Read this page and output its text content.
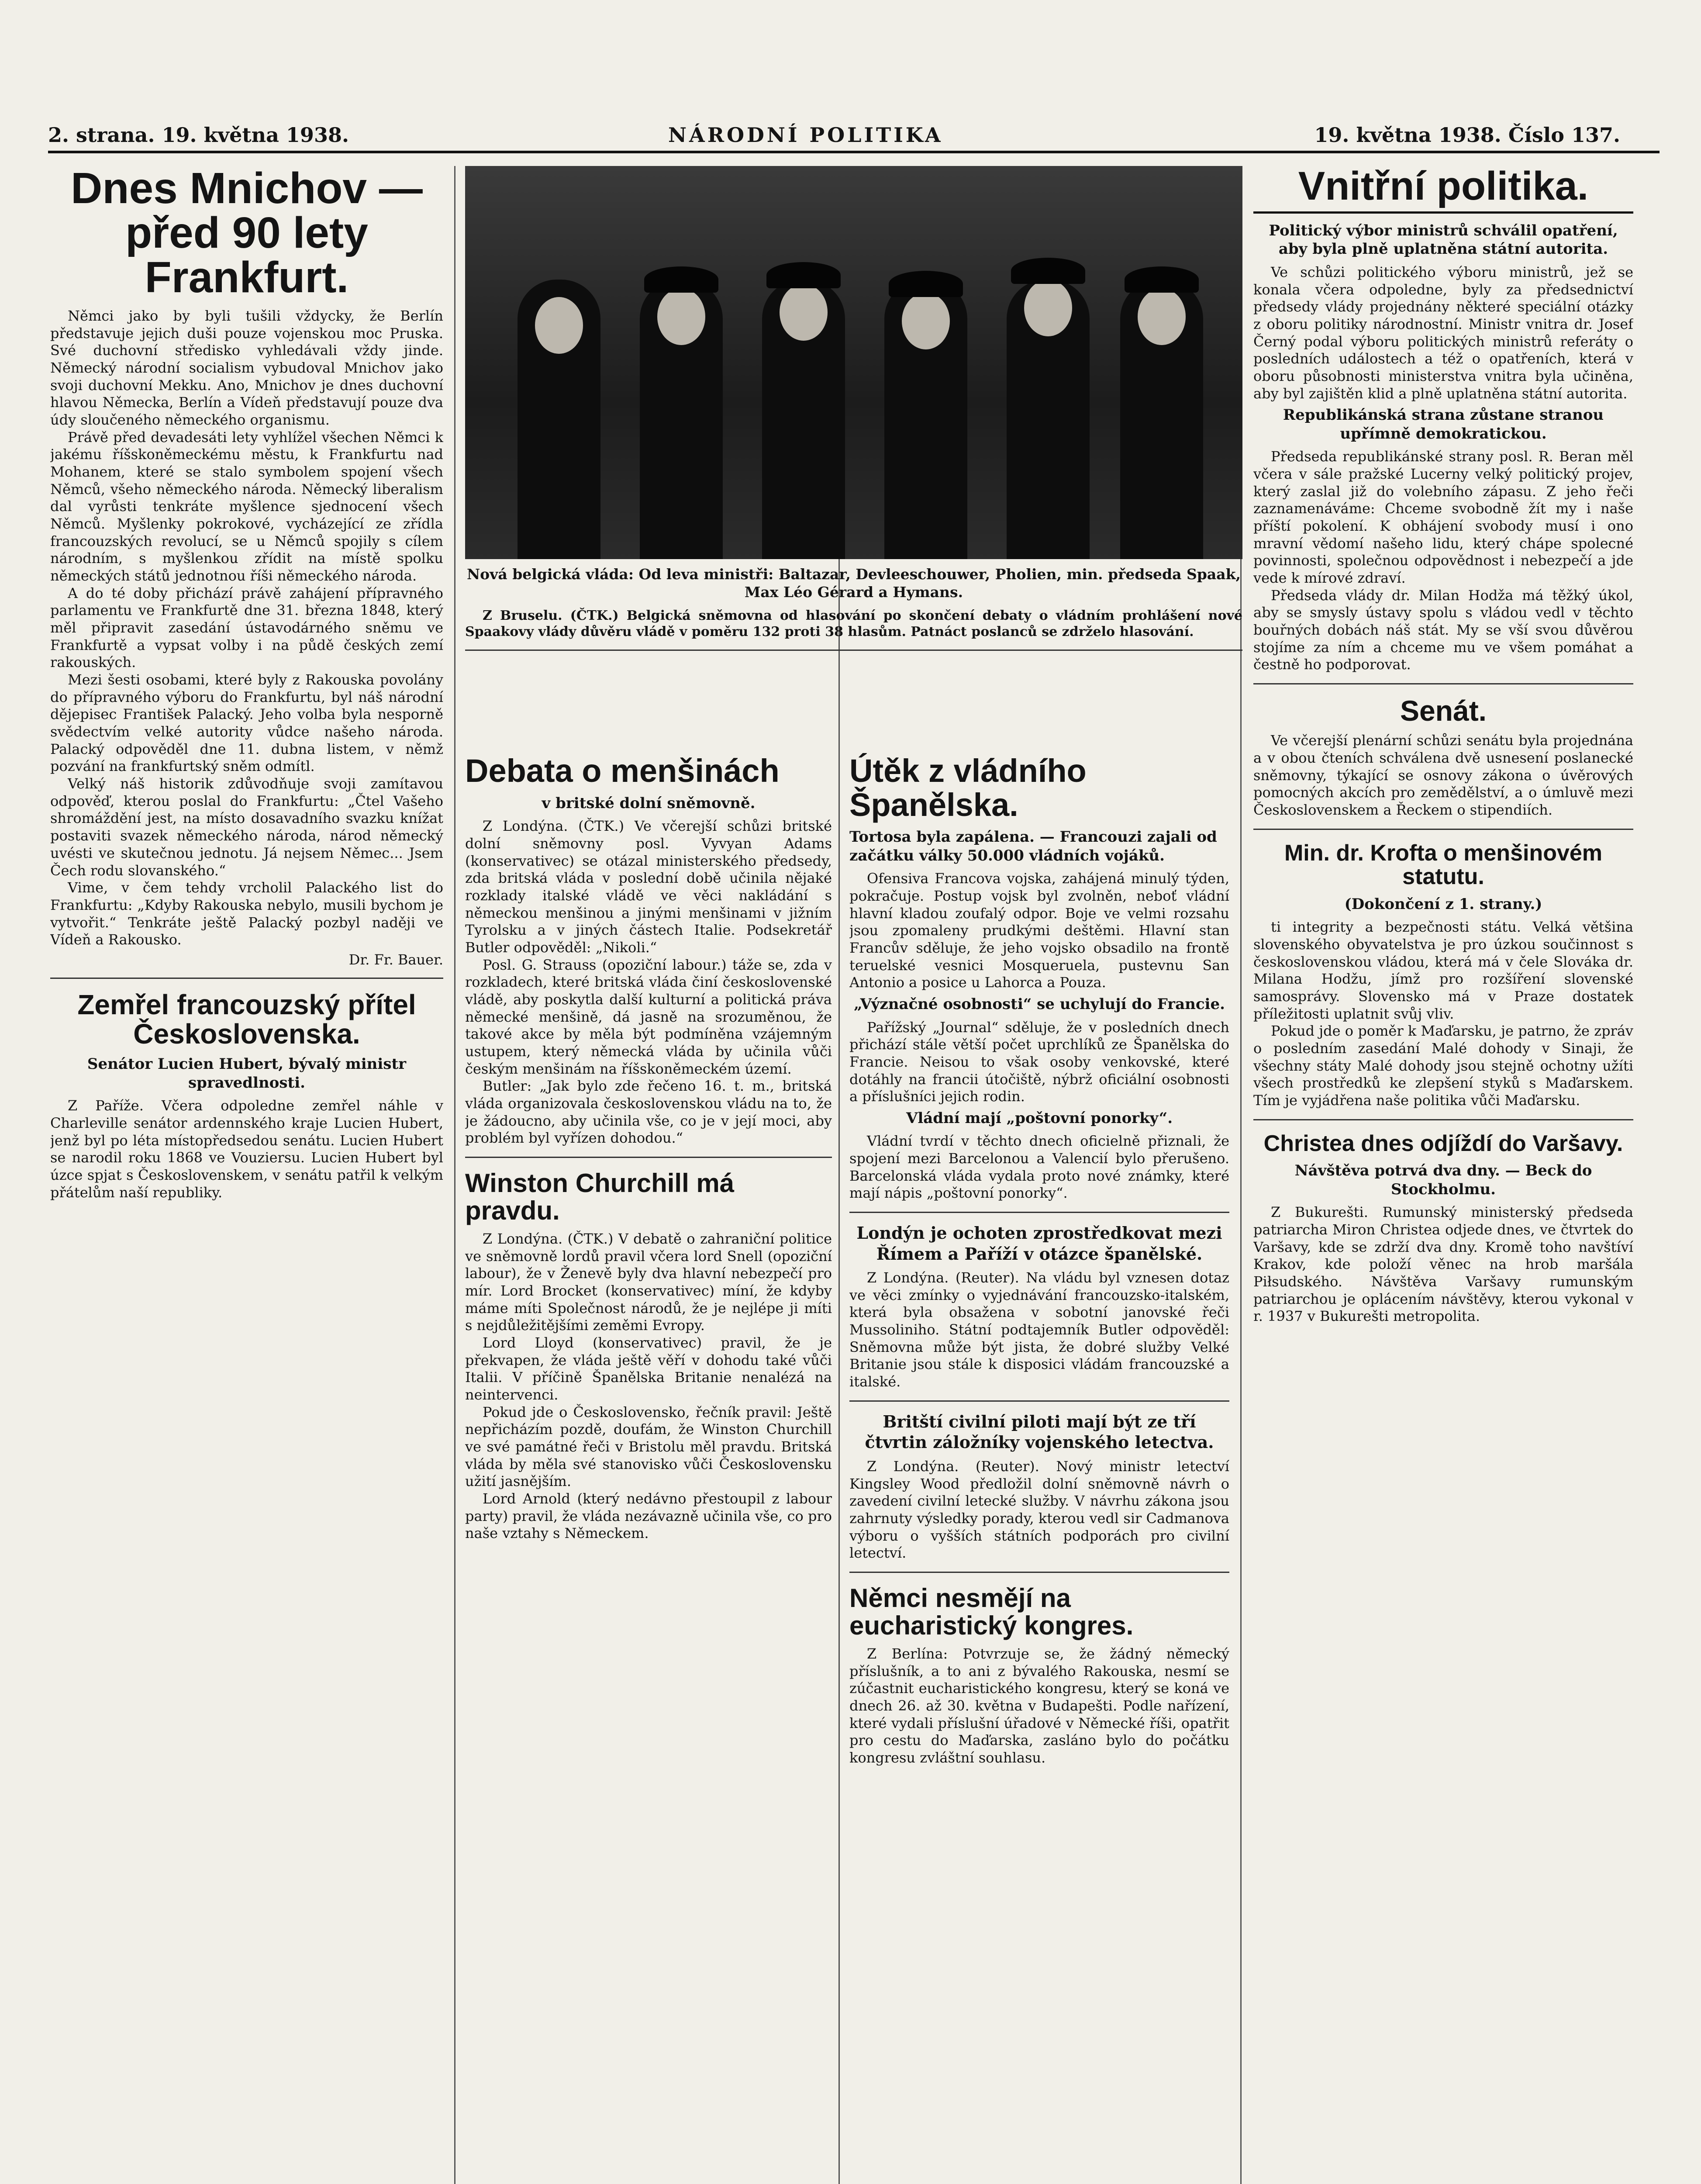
2. strana. 19. května 1938.	NÁRODNÍ POLITIKA	19. května 1938. Číslo 137.
Dnes Mnichov — před 90 lety Frankfurt.

Němci jako by byli tušili vždycky, že Berlín představuje jejich duši pouze vojenskou moc Pruska. Své duchovní středisko vyhledávali vždy jinde. Německý národní socialism vybudoval Mnichov jako svoji duchovní Mekku. Ano, Mnichov je dnes duchovní hlavou Německa, Berlín a Vídeň představují pouze dva údy sloučeného německého organismu.

Právě před devadesáti lety vyhlížel všechen Němci k jakému říšskoněmeckému městu, k Frankfurtu nad Mohanem, které se stalo symbolem spojení všech Němců, všeho německého národa. Německý liberalism dal vyrůsti tenkráte myšlence sjednocení všech Němců. Myšlenky pokrokové, vycházející ze zřídla francouzských revolucí, se u Němců spojily s cílem národním, s myšlenkou zřídit na místě spolku německých států jednotnou říši německého národa.

A do té doby přichází právě zahájení přípravného parlamentu ve Frankfurtě dne 31. března 1848, který měl připravit zasedání ústavodárného sněmu ve Frankfurtě a vypsat volby i na půdě českých zemí rakouských.

Mezi šesti osobami, které byly z Rakouska povolány do přípravného výboru do Frankfurtu, byl náš národní dějepisec František Palacký. Jeho volba byla nesporně svědectvím velké autority vůdce našeho národa. Palacký odpověděl dne 11. dubna listem, v němž pozvání na frankfurtský sněm odmítl.

Velký náš historik zdůvodňuje svoji zamítavou odpověď, kterou poslal do Frankfurtu: „Čtel Vašeho shromáždění jest, na místo dosavadního svazku knížat postaviti svazek německého národa, národ německý uvésti ve skutečnou jednotu. Já nejsem Němec... Jsem Čech rodu slovanského.“

Vime, v čem tehdy vrcholil Palackého list do Frankfurtu: „Kdyby Rakouska nebylo, musili bychom je vytvořit.“ Tenkráte ještě Palacký pozbyl naději ve Vídeň a Rakousko.

Dr. Fr. Bauer.
Zemřel francouzský přítel Československa.
Senátor Lucien Hubert, bývalý ministr spravedlnosti.

Z Paříže. Včera odpoledne zemřel náhle v Charleville senátor ardennského kraje Lucien Hubert, jenž byl po léta místopředsedou senátu. Lucien Hubert se narodil roku 1868 ve Vouziersu. Lucien Hubert byl úzce spjat s Československem, v senátu patřil k velkým přátelům naší republiky.

Nová belgická vláda: Od leva ministři: Baltazar, Devleeschouwer, Pholien, min. předseda Spaak, Max Léo Gérard a Hymans.

Z Bruselu. (ČTK.) Belgická sněmovna od hlasování po skončení debaty o vládním prohlášení nové Spaakovy vlády důvěru vládě v poměru 132 proti 38 hlasům. Patnáct poslanců se zdrželo hlasování.

Debata o menšinách
v britské dolní sněmovně.

Z Londýna. (ČTK.) Ve včerejší schůzi britské dolní sněmovny posl. Vyvyan Adams (konservativec) se otázal ministerského předsedy, zda britská vláda v poslední době učinila nějaké rozklady italské vládě ve věci nakládání s německou menšinou a jinými menšinami v jižním Tyrolsku a v jiných částech Italie. Podsekretář Butler odpověděl: „Nikoli.“

Posl. G. Strauss (opoziční labour.) táže se, zda v rozkladech, které britská vláda činí československé vládě, aby poskytla další kulturní a politická práva německé menšině, dá jasně na srozuměnou, že takové akce by měla být podmíněna vzájemným ustupem, který německá vláda by učinila vůči českým menšinám na říšskoněmeckém území.

Butler: „Jak bylo zde řečeno 16. t. m., britská vláda organizovala československou vládu na to, že je žádoucno, aby učinila vše, co je v její moci, aby problém byl vyřízen dohodou.“

Winston Churchill má pravdu.

Z Londýna. (ČTK.) V debatě o zahraniční politice ve sněmovně lordů pravil včera lord Snell (opoziční labour), že v Ženevě byly dva hlavní nebezpečí pro mír. Lord Brocket (konservativec) míní, že kdyby máme míti Společnost národů, že je nejlépe ji míti s nejdůležitějšími zeměmi Evropy.

Lord Lloyd (konservativec) pravil, že je překvapen, že vláda ještě věří v dohodu také vůči Italii. V příčině Španělska Britanie nenalézá na neintervenci.

Pokud jde o Československo, řečník pravil: Ještě nepřicházím pozdě, doufám, že Winston Churchill ve své památné řeči v Bristolu měl pravdu. Britská vláda by měla své stanovisko vůči Československu užití jasnějším.

Lord Arnold (který nedávno přestoupil z labour party) pravil, že vláda nezávazně učinila vše, co pro naše vztahy s Německem.

Útěk z vládního Španělska.
Tortosa byla zapálena. — Francouzi zajali od začátku války 50.000 vládních vojáků.

Ofensiva Francova vojska, zahájená minulý týden, pokračuje. Postup vojsk byl zvolněn, neboť vládní hlavní kladou zoufalý odpor. Boje ve velmi rozsahu jsou zpomaleny prudkými deštěmi. Hlavní stan Francův sděluje, že jeho vojsko obsadilo na frontě teruelské vesnici Mosqueruela, pustevnu San Antonio a posice u Lahorca a Pouza.

„Význačné osobnosti“ se uchylují do Francie.

Pařížský „Journal“ sděluje, že v posledních dnech přichází stále větší počet uprchlíků ze Španělska do Francie. Neisou to však osoby venkovské, které dotáhly na francii útočiště, nýbrž oficiální osobnosti a příslušníci jejich rodin.

Vládní mají „poštovní ponorky“.

Vládní tvrdí v těchto dnech oficielně přiznali, že spojení mezi Barcelonou a Valencií bylo přerušeno. Barcelonská vláda vydala proto nové známky, které mají nápis „poštovní ponorky“.

Londýn je ochoten zprostředkovat mezi Římem a Paříží v otázce španělské.

Z Londýna. (Reuter). Na vládu byl vznesen dotaz ve věci zmínky o vyjednávání francouzsko-italském, která byla obsažena v sobotní janovské řeči Mussoliniho. Státní podtajemník Butler odpověděl: Sněmovna může být jista, že dobré služby Velké Britanie jsou stále k disposici vládám francouzské a italské.

Britští civilní piloti mají být ze tří čtvrtin záložníky vojenského letectva.

Z Londýna. (Reuter). Nový ministr letectví Kingsley Wood předložil dolní sněmovně návrh o zavedení civilní letecké služby. V návrhu zákona jsou zahrnuty výsledky porady, kterou vedl sir Cadmanova výboru o vyšších státních podporách pro civilní letectví.

Němci nesmějí na eucharistický kongres.

Z Berlína: Potvrzuje se, že žádný německý příslušník, a to ani z bývalého Rakouska, nesmí se zúčastnit eucharistického kongresu, který se koná ve dnech 26. až 30. května v Budapešti. Podle nařízení, které vydali příslušní úřadové v Německé říši, opatřit pro cestu do Maďarska, zasláno bylo do počátku kongresu zvláštní souhlasu.

Vnitřní politika.
Politický výbor ministrů schválil opatření, aby byla plně uplatněna státní autorita.

Ve schůzi politického výboru ministrů, jež se konala včera odpoledne, byly za předsednictví předsedy vlády projednány některé speciální otázky z oboru politiky národnostní. Ministr vnitra dr. Josef Černý podal výboru politických ministrů referáty o posledních událostech a též o opatřeních, která v oboru působnosti ministerstva vnitra byla učiněna, aby byl zajištěn klid a plně uplatněna státní autorita.

Republikánská strana zůstane stranou upřímně demokratickou.

Předseda republikánské strany posl. R. Beran měl včera v sále pražské Lucerny velký politický projev, který zaslal již do volebního zápasu. Z jeho řeči zaznamenáváme: Chceme svobodně žít my i naše příští pokolení. K obhájení svobody musí i ono mravní vědomí našeho lidu, který chápe spolecné povinnosti, společnou odpovědnost i nebezpečí a jde vede k mírové zdraví.

Předseda vlády dr. Milan Hodža má těžký úkol, aby se smysly ústavy spolu s vládou vedl v těchto bouřných dobách náš stát. My se vší svou důvěrou stojíme za ním a chceme mu ve všem pomáhat a čestně ho podporovat.

Senát.

Ve včerejší plenární schůzi senátu byla projednána a v obou čteních schválena dvě usnesení poslanecké sněmovny, týkající se osnovy zákona o úvěrových pomocných akcích pro zemědělství, a o úmluvě mezi Československem a Řeckem o stipendiích.

Min. dr. Krofta o menšinovém statutu.
(Dokončení z 1. strany.)

ti integrity a bezpečnosti státu. Velká většina slovenského obyvatelstva je pro úzkou součinnost s československou vládou, která má v čele Slováka dr. Milana Hodžu, jímž pro rozšíření slovenské samosprávy. Slovensko má v Praze dostatek příležitosti uplatnit svůj vliv.

Pokud jde o poměr k Maďarsku, je patrno, že zpráv o posledním zasedání Malé dohody v Sinaji, že všechny státy Malé dohody jsou stejně ochotny užíti všech prostředků ke zlepšení styků s Maďarskem. Tím je vyjádřena naše politika vůči Maďarsku.

Christea dnes odjíždí do Varšavy.
Návštěva potrvá dva dny. — Beck do Stockholmu.

Z Bukurešti. Rumunský ministerský předseda patriarcha Miron Christea odjede dnes, ve čtvrtek do Varšavy, kde se zdrží dva dny. Kromě toho navštíví Krakov, kde položí věnec na hrob maršála Piłsudského. Návštěva Varšavy rumunským patriarchou je oplácením návštěvy, kterou vykonal v r. 1937 v Bukurešti metropolita.
